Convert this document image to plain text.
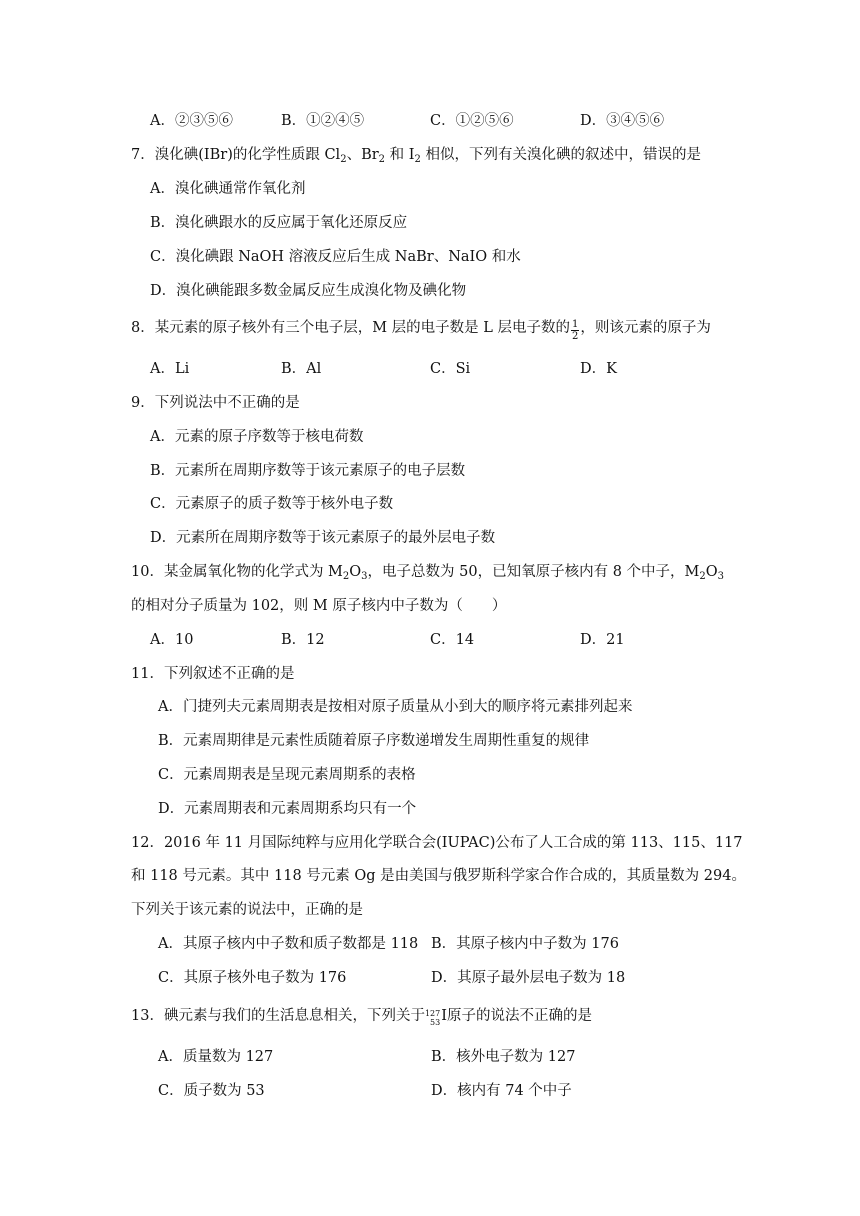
A．②③⑤⑥	B．①②④⑤	C．①②⑤⑥	D．③④⑤⑥
7．溴化碘(IBr)的化学性质跟 $Cl_2$、$Br_2$ 和 $I_2$ 相似，下列有关溴化碘的叙述中，错误的是
A．溴化碘通常作氧化剂
B．溴化碘跟水的反应属于氧化还原反应
C．溴化碘跟 NaOH 溶液反应后生成 NaBr、NaIO 和水
D．溴化碘能跟多数金属反应生成溴化物及碘化物
8．某元素的原子核外有三个电子层，M 层的电子数是 L 层电子数的 $\frac{1}{2}$ ，则该元素的原子为
A．Li	B．Al	C．Si	D．K
9．下列说法中不正确的是
A．元素的原子序数等于核电荷数
B．元素所在周期序数等于该元素原子的电子层数
C．元素原子的质子数等于核外电子数
D．元素所在周期序数等于该元素原子的最外层电子数
10．某金属氧化物的化学式为 $M_2O_3$，电子总数为 50，已知氧原子核内有 8 个中子，$M_2O_3$
的相对分子质量为 102，则 M 原子核内中子数为（　　）
A．10	B．12	C．14	D．21
11．下列叙述不正确的是
A．门捷列夫元素周期表是按相对原子质量从小到大的顺序将元素排列起来
B．元素周期律是元素性质随着原子序数递增发生周期性重复的规律
C．元素周期表是呈现元素周期系的表格
D．元素周期表和元素周期系均只有一个
12．2016 年 11 月国际纯粹与应用化学联合会(IUPAC)公布了人工合成的第 113、115、117
和 118 号元素。其中 118 号元素 Og 是由美国与俄罗斯科学家合作合成的，其质量数为 294。
下列关于该元素的说法中，正确的是
A．其原子核内中子数和质子数都是 118 B．其原子核内中子数为 176
C．其原子核外电子数为 176	D．其原子最外层电子数为 18
13．碘元素与我们的生活息息相关，下列关于 127
53 I原子的说法不正确的是
A．质量数为 127	B．核外电子数为 127
C．质子数为 53	D．核内有 74 个中子
